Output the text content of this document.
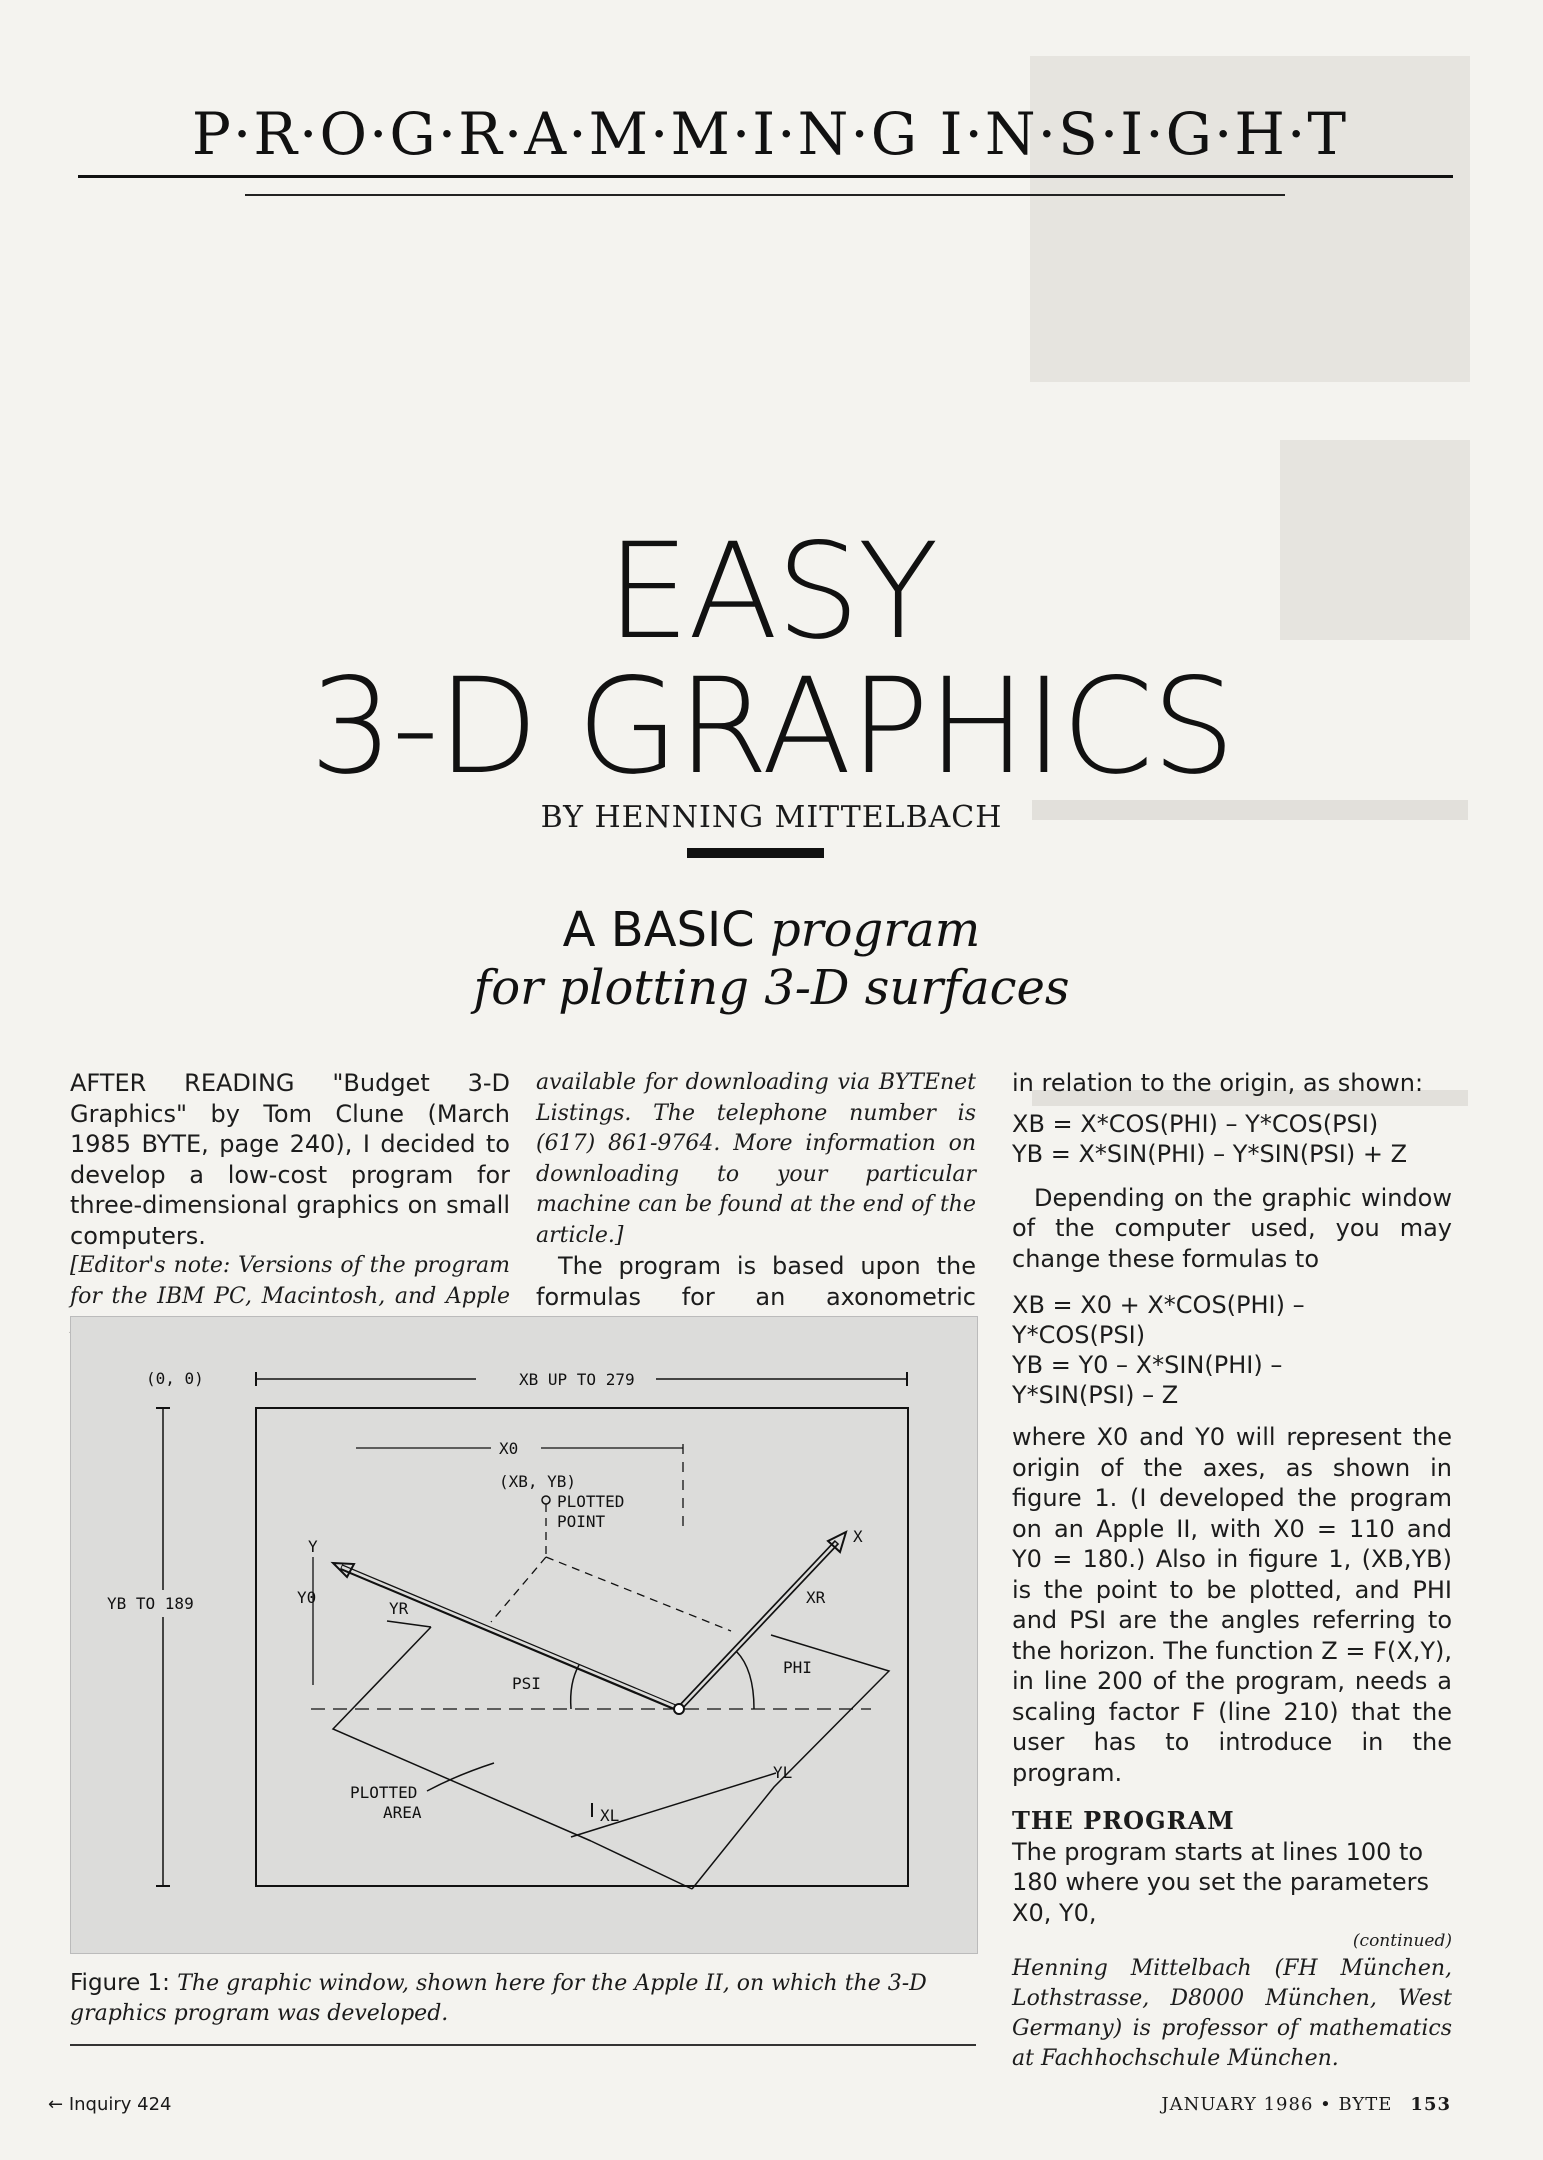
P·R·O·G·R·A·M·M·I·N·G I·N·S·I·G·H·T
EASY
3-D GRAPHICS
BY HENNING MITTELBACH
A BASIC program
for plotting 3-D surfaces

AFTER READING "Budget 3-D Graphics" by Tom Clune (March 1985 BYTE, page 240), I decided to develop a low-cost program for three-dimensional graphics on small computers.

[Editor's note: Versions of the program for the IBM PC, Macintosh, and Apple

available for downloading via BYTEnet Listings. The telephone number is (617) 861-9764. More information on downloading to your particular machine can be found at the end of the article.]

The program is based upon the formulas for an axonometric

in relation to the origin, as shown:

XB = X*COS(PHI) – Y*COS(PSI)
YB = X*SIN(PHI) – Y*SIN(PSI) + Z

Depending on the graphic window of the computer used, you may change these formulas to

XB = X0 + X*COS(PHI) –
Y*COS(PSI)
YB = Y0 – X*SIN(PHI) –
Y*SIN(PSI) – Z

where X0 and Y0 will represent the origin of the axes, as shown in figure 1. (I developed the program on an Apple II, with X0 = 110 and Y0 = 180.) Also in figure 1, (XB,YB) is the point to be plotted, and PHI and PSI are the angles referring to the horizon. The function Z = F(X,Y), in line 200 of the program, needs a scaling factor F (line 210) that the user has to introduce in the program.

THE PROGRAM

The program starts at lines 100 to 180 where you set the parameters X0, Y0,

(continued)

Henning Mittelbach (FH München, Lothstrasse, D8000 München, West Germany) is professor of mathematics at Fachhochschule München.

(0, 0)	XB UP TO 279
YB TO 189
X0
Y0
(XB, YB)
PLOTTED
POINT
Y
X
YR
XR
PSI
PHI
YL
XL
PLOTTED
AREA
Figure 1: The graphic window, shown here for the Apple II, on which the 3-D graphics program was developed.
← Inquiry 424	JANUARY 1986 • BYTE 153
